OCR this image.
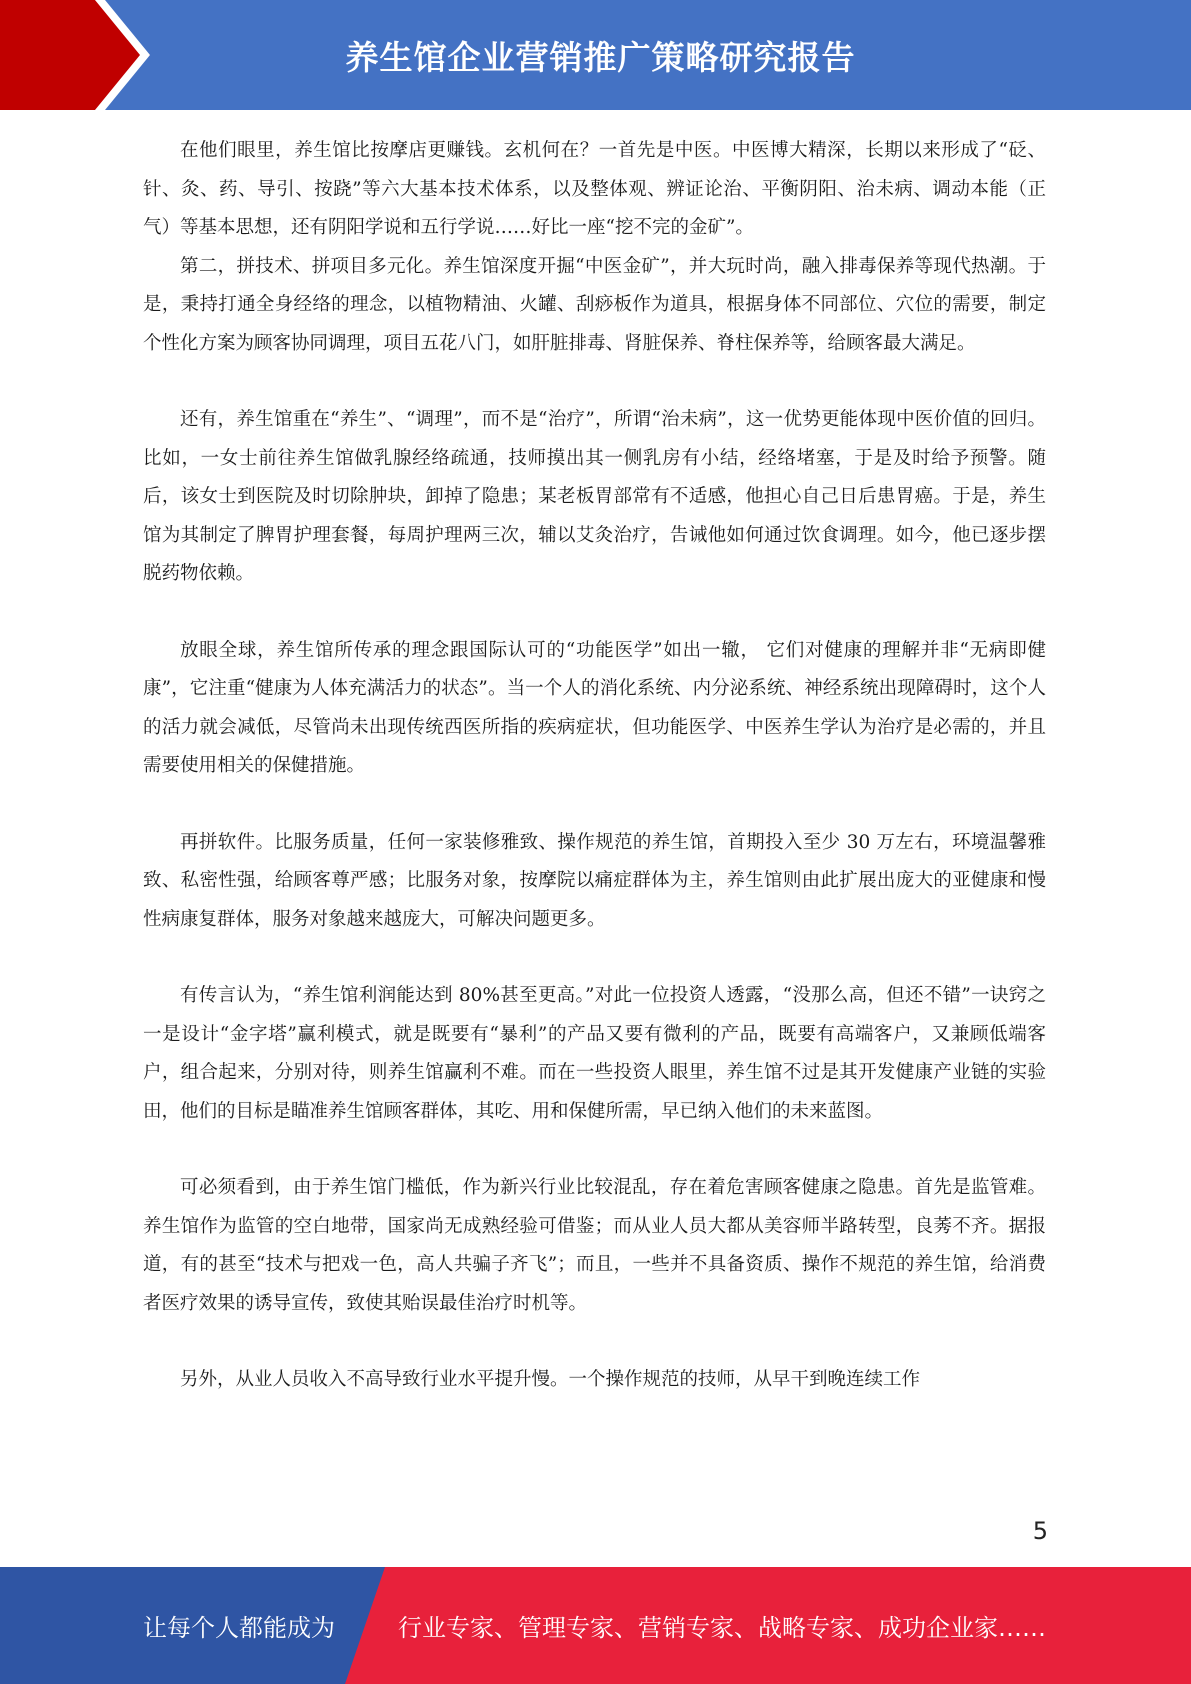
养生馆企业营销推广策略研究报告

在他们眼里，养生馆比按摩店更赚钱。玄机何在？一首先是中医。中医博大精深，长期以来形成了“砭、针、灸、药、导引、按跷”等六大基本技术体系，以及整体观、辨证论治、平衡阴阳、治未病、调动本能（正气）等基本思想，还有阴阳学说和五行学说……好比一座“挖不完的金矿”。

第二，拼技术、拼项目多元化。养生馆深度开掘“中医金矿”，并大玩时尚，融入排毒保养等现代热潮。于是，秉持打通全身经络的理念，以植物精油、火罐、刮痧板作为道具，根据身体不同部位、穴位的需要，制定个性化方案为顾客协同调理，项目五花八门，如肝脏排毒、肾脏保养、脊柱保养等，给顾客最大满足。

还有，养生馆重在“养生”、“调理”，而不是“治疗”，所谓“治未病”，这一优势更能体现中医价值的回归。比如，一女士前往养生馆做乳腺经络疏通，技师摸出其一侧乳房有小结，经络堵塞，于是及时给予预警。随后，该女士到医院及时切除肿块，卸掉了隐患；某老板胃部常有不适感，他担心自己日后患胃癌。于是，养生馆为其制定了脾胃护理套餐，每周护理两三次，辅以艾灸治疗，告诫他如何通过饮食调理。如今，他已逐步摆脱药物依赖。

放眼全球，养生馆所传承的理念跟国际认可的“功能医学”如出一辙， 它们对健康的理解并非“无病即健康”，它注重“健康为人体充满活力的状态”。当一个人的消化系统、内分泌系统、神经系统出现障碍时，这个人的活力就会减低，尽管尚未出现传统西医所指的疾病症状，但功能医学、中医养生学认为治疗是必需的，并且需要使用相关的保健措施。

再拼软件。比服务质量，任何一家装修雅致、操作规范的养生馆，首期投入至少 30 万左右，环境温馨雅致、私密性强，给顾客尊严感；比服务对象，按摩院以痛症群体为主，养生馆则由此扩展出庞大的亚健康和慢性病康复群体，服务对象越来越庞大，可解决问题更多。

有传言认为，“养生馆利润能达到 80%甚至更高。”对此一位投资人透露，“没那么高，但还不错”一诀窍之一是设计“金字塔”赢利模式，就是既要有“暴利”的产品又要有微利的产品，既要有高端客户，又兼顾低端客户，组合起来，分别对待，则养生馆赢利不难。而在一些投资人眼里，养生馆不过是其开发健康产业链的实验田，他们的目标是瞄准养生馆顾客群体，其吃、用和保健所需，早已纳入他们的未来蓝图。

可必须看到，由于养生馆门槛低，作为新兴行业比较混乱，存在着危害顾客健康之隐患。首先是监管难。养生馆作为监管的空白地带，国家尚无成熟经验可借鉴；而从业人员大都从美容师半路转型，良莠不齐。据报道，有的甚至“技术与把戏一色，高人共骗子齐飞”；而且，一些并不具备资质、操作不规范的养生馆，给消费者医疗效果的诱导宣传，致使其贻误最佳治疗时机等。

另外，从业人员收入不高导致行业水平提升慢。一个操作规范的技师，从早干到晚连续工作

5
让每个人都能成为	行业专家、管理专家、营销专家、战略专家、成功企业家……
